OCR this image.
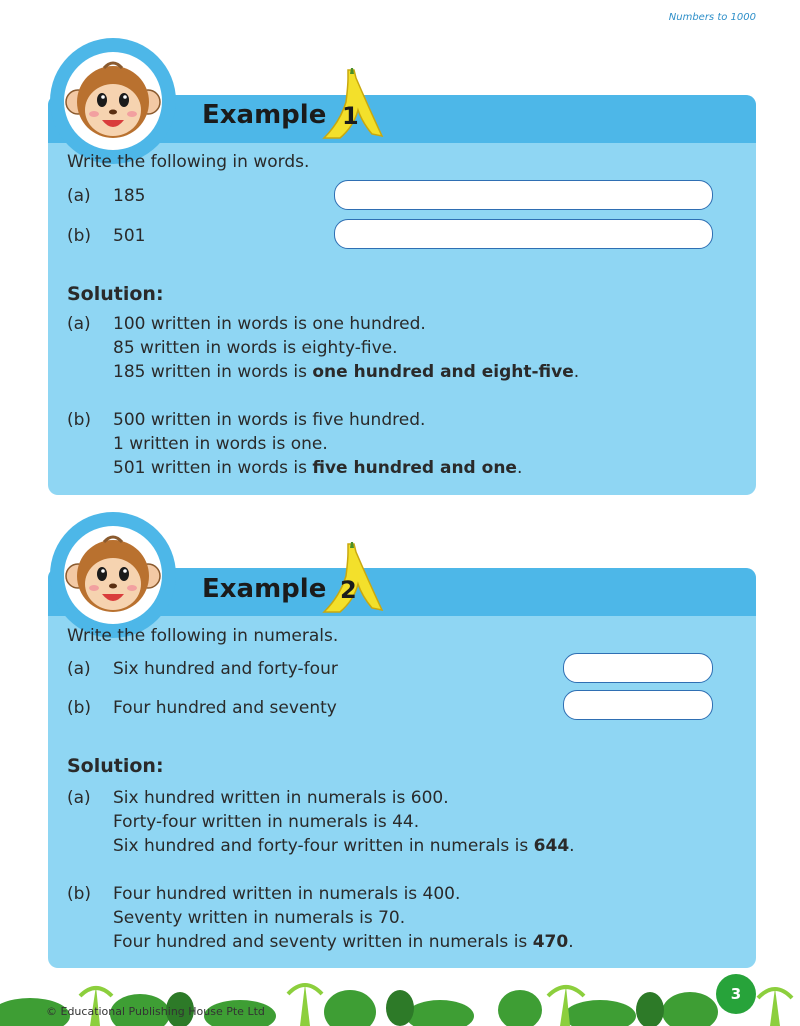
Numbers to 1000
Example 1
Write the following in words.
(a) 185
(b) 501
Solution:
(a) 100 written in words is one hundred.
85 written in words is eighty-five.
185 written in words is one hundred and eight-five.
(b) 500 written in words is five hundred.
1 written in words is one.
501 written in words is five hundred and one.
Example 2
Write the following in numerals.
(a) Six hundred and forty-four
(b) Four hundred and seventy
Solution:
(a) Six hundred written in numerals is 600.
Forty-four written in numerals is 44.
Six hundred and forty-four written in numerals is 644.
(b) Four hundred written in numerals is 400.
Seventy written in numerals is 70.
Four hundred and seventy written in numerals is 470.
© Educational Publishing House Pte Ltd
3
